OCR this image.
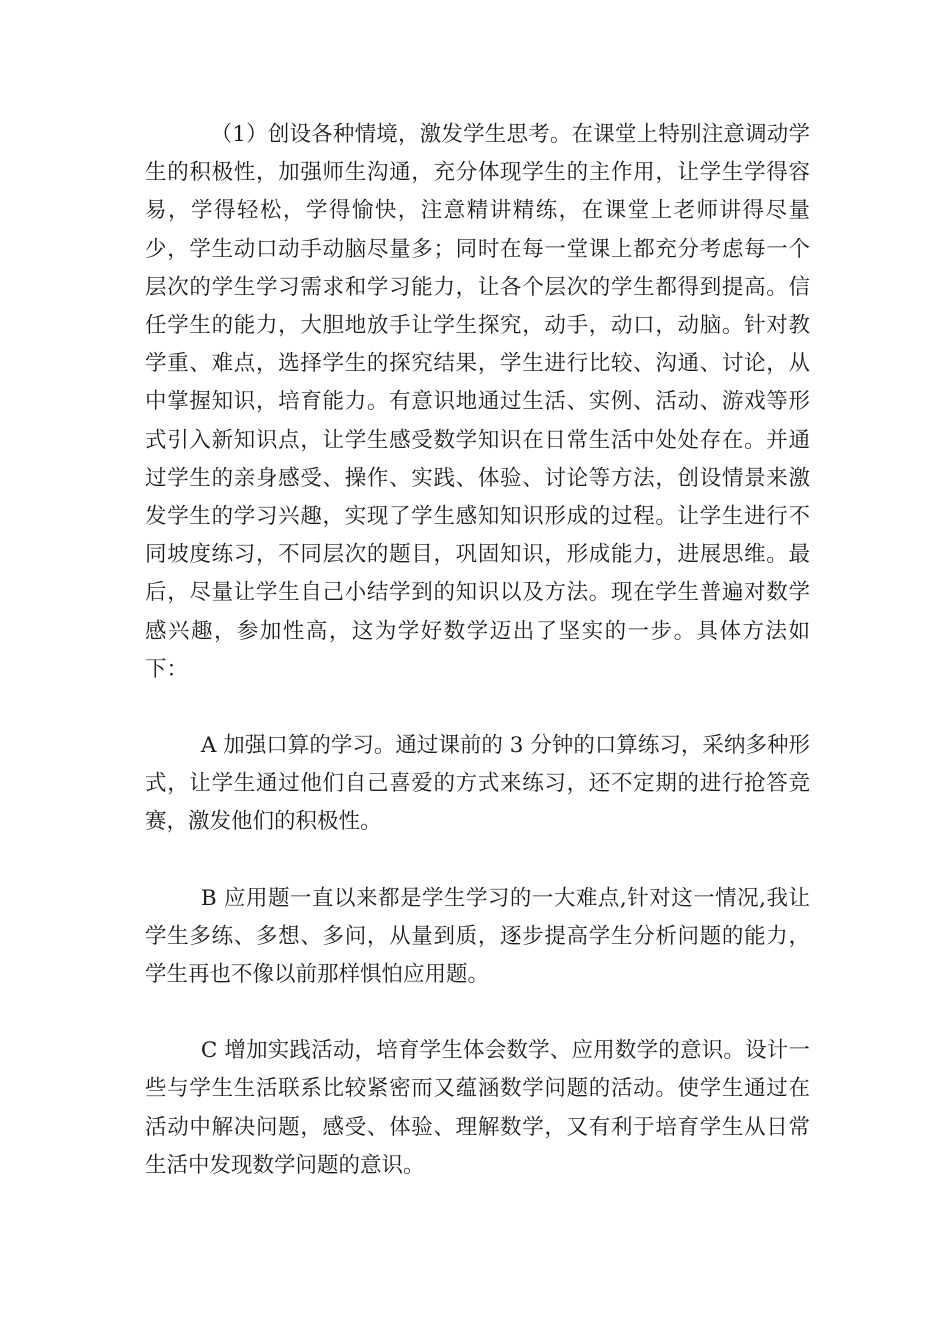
（1）创设各种情境，激发学生思考。在课堂上特别注意调动学生的积极性，加强师生沟通，充分体现学生的主作用，让学生学得容易，学得轻松，学得愉快，注意精讲精练，在课堂上老师讲得尽量少，学生动口动手动脑尽量多；同时在每一堂课上都充分考虑每一个层次的学生学习需求和学习能力，让各个层次的学生都得到提高。信任学生的能力，大胆地放手让学生探究，动手，动口，动脑。针对教学重、难点，选择学生的探究结果，学生进行比较、沟通、讨论，从中掌握知识，培育能力。有意识地通过生活、实例、活动、游戏等形式引入新知识点，让学生感受数学知识在日常生活中处处存在。并通过学生的亲身感受、操作、实践、体验、讨论等方法，创设情景来激发学生的学习兴趣，实现了学生感知知识形成的过程。让学生进行不同坡度练习，不同层次的题目，巩固知识，形成能力，进展思维。最后，尽量让学生自己小结学到的知识以及方法。现在学生普遍对数学感兴趣，参加性高，这为学好数学迈出了坚实的一步。具体方法如下：

A 加强口算的学习。通过课前的 3 分钟的口算练习，采纳多种形式，让学生通过他们自己喜爱的方式来练习，还不定期的进行抢答竞赛，激发他们的积极性。

B 应用题一直以来都是学生学习的一大难点,针对这一情况,我让学生多练、多想、多问，从量到质，逐步提高学生分析问题的能力，学生再也不像以前那样惧怕应用题。

C 增加实践活动，培育学生体会数学、应用数学的意识。设计一些与学生生活联系比较紧密而又蕴涵数学问题的活动。使学生通过在活动中解决问题，感受、体验、理解数学，又有利于培育学生从日常生活中发现数学问题的意识。
